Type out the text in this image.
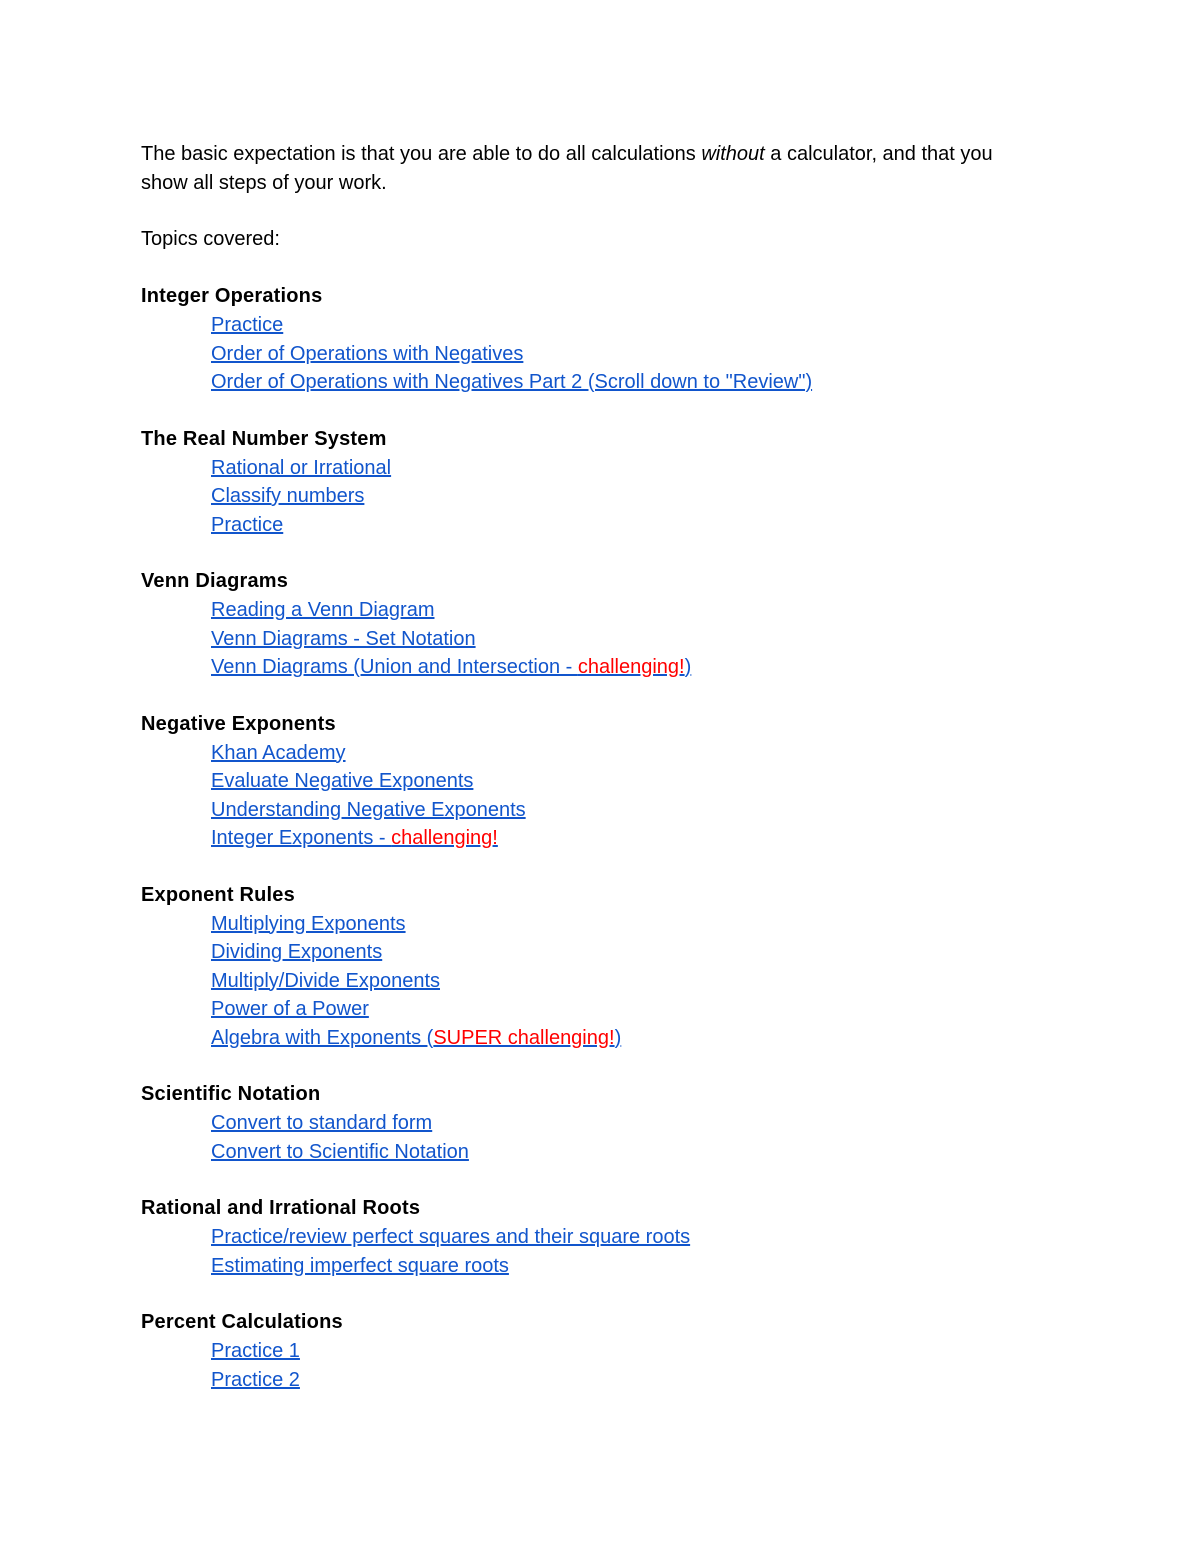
The basic expectation is that you are able to do all calculations without a calculator, and that you show all steps of your work.

Topics covered:

Integer Operations

Practice
Order of Operations with Negatives
Order of Operations with Negatives Part 2 (Scroll down to "Review")

The Real Number System

Rational or Irrational
Classify numbers
Practice

Venn Diagrams

Reading a Venn Diagram
Venn Diagrams - Set Notation
Venn Diagrams (Union and Intersection - challenging!)

Negative Exponents

Khan Academy
Evaluate Negative Exponents
Understanding Negative Exponents
Integer Exponents - challenging!

Exponent Rules

Multiplying Exponents
Dividing Exponents
Multiply/Divide Exponents
Power of a Power
Algebra with Exponents (SUPER challenging!)

Scientific Notation

Convert to standard form
Convert to Scientific Notation

Rational and Irrational Roots

Practice/review perfect squares and their square roots
Estimating imperfect square roots

Percent Calculations

Practice 1
Practice 2
